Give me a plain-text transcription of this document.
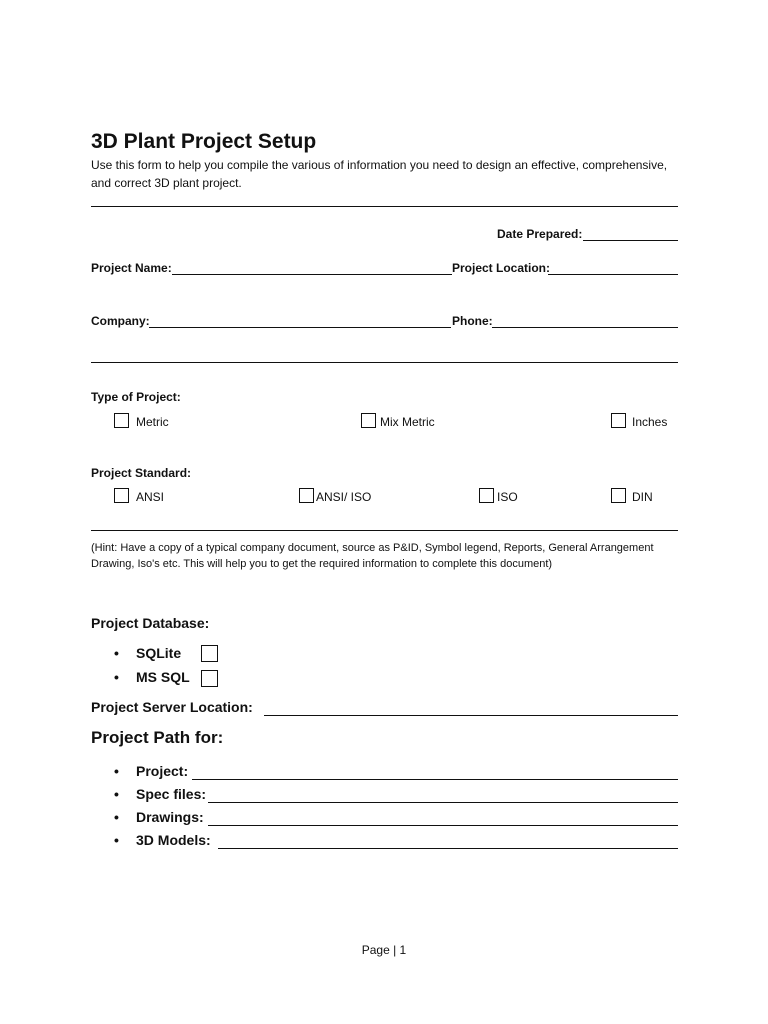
3D Plant Project Setup
Use this form to help you compile the various of information you need to design an effective, comprehensive, and correct 3D plant project.
Date Prepared:
Project Name:	Project Location:
Company:	Phone:
Type of Project:
Metric	Mix Metric	Inches
Project Standard:
ANSI	ANSI/ ISO	ISO	DIN
(Hint: Have a copy of a typical company document, source as P&ID, Symbol legend, Reports, General Arrangement Drawing, Iso's etc. This will help you to get the required information to complete this document)
Project Database:
• SQLite
• MS SQL
Project Server Location:
Project Path for:
• Project:
• Spec files:
• Drawings:
• 3D Models:
Page | 1
